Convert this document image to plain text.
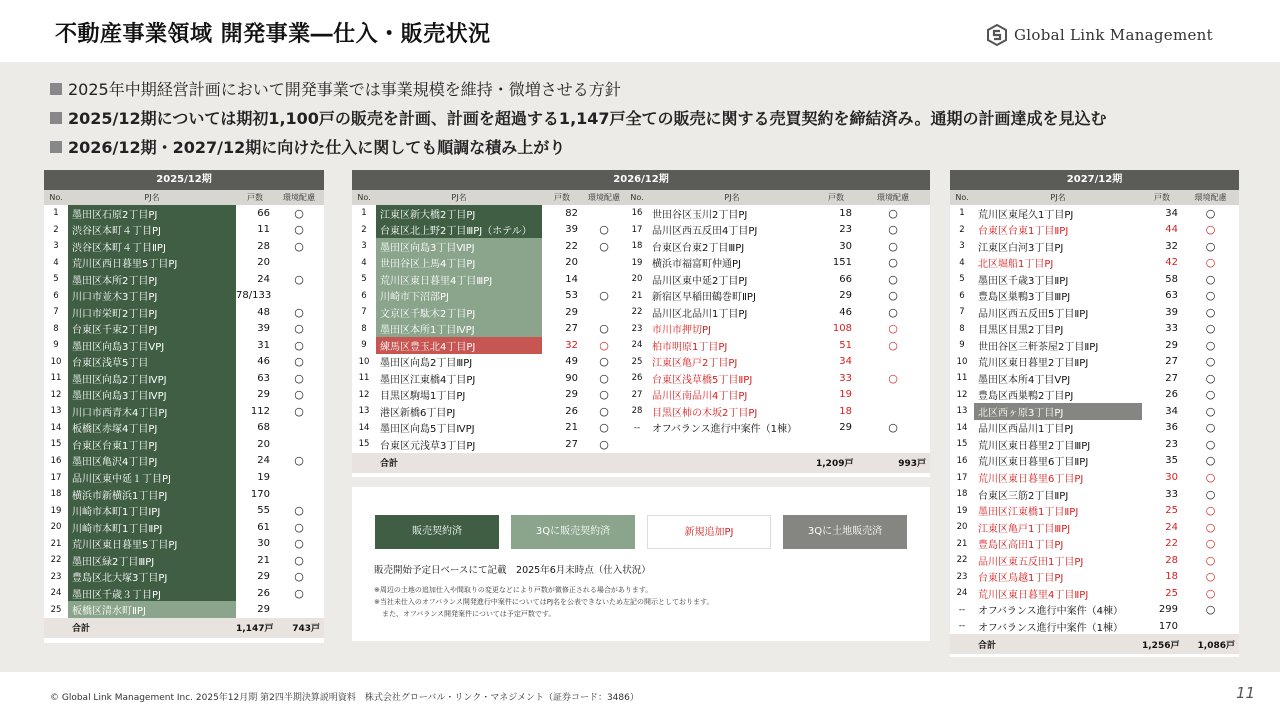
不動産事業領域 開発事業―仕入・販売状況	Global Link Management
2025年中期経営計画において開発事業では事業規模を維持・微増させる方針
2025/12期については期初1,100戸の販売を計画、計画を超過する1,147戸全ての販売に関する売買契約を締結済み。通期の計画達成を見込む
2026/12期・2027/12期に向けた仕入に関しても順調な積み上がり
2025/12期
No.	PJ名	戸数	環境配慮
1	墨田区石原2丁目PJ	66	○
2	渋谷区本町４丁目PJ	11	○
3	渋谷区本町４丁目ⅡPJ	28	○
4	荒川区西日暮里5丁目PJ	20	
5	墨田区本所2丁目PJ	24	○
6	川口市並木3丁目PJ	78/133	
7	川口市栄町2丁目PJ	48	○
8	台東区千束2丁目PJ	39	○
9	墨田区向島3丁目ⅤPJ	31	○
10	台東区浅草5丁目	46	○
11	墨田区向島2丁目ⅣPJ	63	○
12	墨田区向島3丁目ⅣPJ	29	○
13	川口市西青木4丁目PJ	112	○
14	板橋区赤塚4丁目PJ	68	
15	台東区台東1丁目PJ	20	
16	墨田区亀沢4丁目PJ	24	○
17	品川区東中延１丁目PJ	19	
18	横浜市新横浜1丁目PJ	170	
19	川崎市本町1丁目ⅠPJ	55	○
20	川崎市本町1丁目ⅡPJ	61	○
21	荒川区東日暮里5丁目PJ	30	○
22	墨田区緑2丁目ⅢPJ	21	○
23	豊島区北大塚3丁目PJ	29	○
24	墨田区千歳３丁目PJ	26	○
25	板橋区清水町ⅡPJ	29	
合計		1,147戸	743戸
2026/12期
No.	PJ名	戸数	環境配慮	No.	PJ名	戸数	環境配慮
1	江東区新大橋2丁目PJ	82		16	世田谷区玉川2丁目PJ	18	○
2	台東区北上野2丁目ⅢPJ（ホテル）	39	○	17	品川区西五反田4丁目PJ	23	○
3	墨田区向島3丁目ⅥPJ	22	○	18	台東区台東2丁目ⅢPJ	30	○
4	世田谷区上馬4丁目PJ	20		19	横浜市福富町仲通PJ	151	○
5	荒川区東日暮里4丁目ⅢPJ	14		20	品川区東中延2丁目PJ	66	○
6	川崎市下沼部PJ	53	○	21	新宿区早稲田鶴巻町ⅡPJ	29	○
7	文京区千駄木2丁目PJ	29		22	品川区北品川1丁目PJ	46	○
8	墨田区本所1丁目ⅣPJ	27	○	23	市川市押切PJ	108	○
9	練馬区豊玉北4丁目PJ	32	○	24	柏市明原1丁目PJ	51	○
10	墨田区向島2丁目ⅢPJ	49	○	25	江東区亀戸2丁目PJ	34	
11	墨田区江東橋4丁目PJ	90	○	26	台東区浅草橋5丁目ⅡPJ	33	○
12	目黒区駒場1丁目PJ	29	○	27	品川区南品川4丁目PJ	19	
13	港区新橋6丁目PJ	26	○	28	目黒区柿の木坂2丁目PJ	18	
14	墨田区向島5丁目ⅣPJ	21	○	--	オフバランス進行中案件（1棟）	29	○
15	台東区元浅草3丁目PJ	27	○				
合計						1,209戸	993戸
2027/12期
No.	PJ名	戸数	環境配慮
1	荒川区東尾久1丁目PJ	34	○
2	台東区台東1丁目ⅡPJ	44	○
3	江東区白河3丁目PJ	32	○
4	北区堀船1丁目PJ	42	○
5	墨田区千歳3丁目ⅡPJ	58	○
6	豊島区巣鴨3丁目ⅢPJ	63	○
7	品川区西五反田5丁目ⅡPJ	39	○
8	目黒区目黒2丁目PJ	33	○
9	世田谷区三軒茶屋2丁目ⅡPJ	29	○
10	荒川区東日暮里2丁目ⅡPJ	27	○
11	墨田区本所4丁目ⅤPJ	27	○
12	豊島区西巣鴨2丁目PJ	26	○
13	北区西ヶ原3丁目PJ	34	○
14	品川区西品川1丁目PJ	36	○
15	荒川区東日暮里2丁目ⅢPJ	23	○
16	荒川区東日暮里6丁目ⅡPJ	35	○
17	荒川区東日暮里6丁目PJ	30	○
18	台東区三筋2丁目ⅡPJ	33	○
19	墨田区江東橋1丁目ⅡPJ	25	○
20	江東区亀戸1丁目ⅢPJ	24	○
21	豊島区高田1丁目PJ	22	○
22	品川区東五反田1丁目PJ	28	○
23	台東区鳥越1丁目PJ	18	○
24	荒川区東日暮里4丁目ⅡPJ	25	○
--	オフバランス進行中案件（4棟）	299	○
--	オフバランス進行中案件（1棟）	170	
合計		1,256戸	1,086戸
販売契約済	3Qに販売契約済	新規追加PJ	3Qに土地販売済
販売開始予定日ベースにて記載　2025年6月末時点（仕入状況）
※周辺の土地の追加仕入や間取りの変更などにより戸数が微修正される場合があります。
※当社未仕入のオフバランス開発進行中案件についてはPJ名を公表できないため左記の開示としております。
また、オフバランス開発案件については予定戸数です。
© Global Link Management Inc. 2025年12月期 第2四半期決算説明資料　株式会社グローバル・リンク・マネジメント（証券コード：3486）	11
